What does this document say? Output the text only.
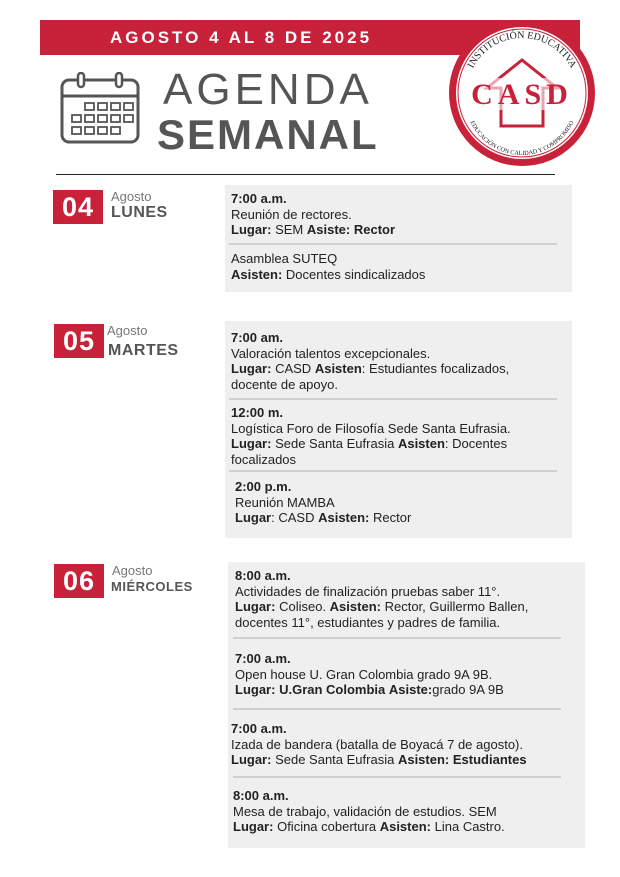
AGOSTO 4 AL 8 DE 2025
AGENDA
SEMANAL
CASD
INSTITUCIÓN EDUCATIVA
EDUCACIÓN CON CALIDAD Y COMPROMISO
04	Agosto
LUNES
7:00 a.m.
Reunión de rectores.
Lugar: SEM Asiste: Rector
Asamblea SUTEQ
Asisten: Docentes sindicalizados
05 Agosto
MARTES
7:00 am.
Valoración talentos excepcionales.
Lugar: CASD Asisten: Estudiantes focalizados,
docente de apoyo.
12:00 m.
Logística Foro de Filosofía Sede Santa Eufrasia.
Lugar: Sede Santa Eufrasia Asisten: Docentes
focalizados
2:00 p.m.
Reunión MAMBA
Lugar: CASD Asisten: Rector
06	Agosto
MIÉRCOLES
8:00 a.m.
Actividades de finalización pruebas saber 11°.
Lugar: Coliseo. Asisten: Rector, Guillermo Ballen,
docentes 11°, estudiantes y padres de familia.
7:00 a.m.
Open house U. Gran Colombia grado 9A 9B.
Lugar: U.Gran Colombia Asiste:grado 9A 9B
7:00 a.m.
Izada de bandera (batalla de Boyacá 7 de agosto).
Lugar: Sede Santa Eufrasia Asisten: Estudiantes
8:00 a.m.
Mesa de trabajo, validación de estudios. SEM
Lugar: Oficina cobertura Asisten: Lina Castro.
